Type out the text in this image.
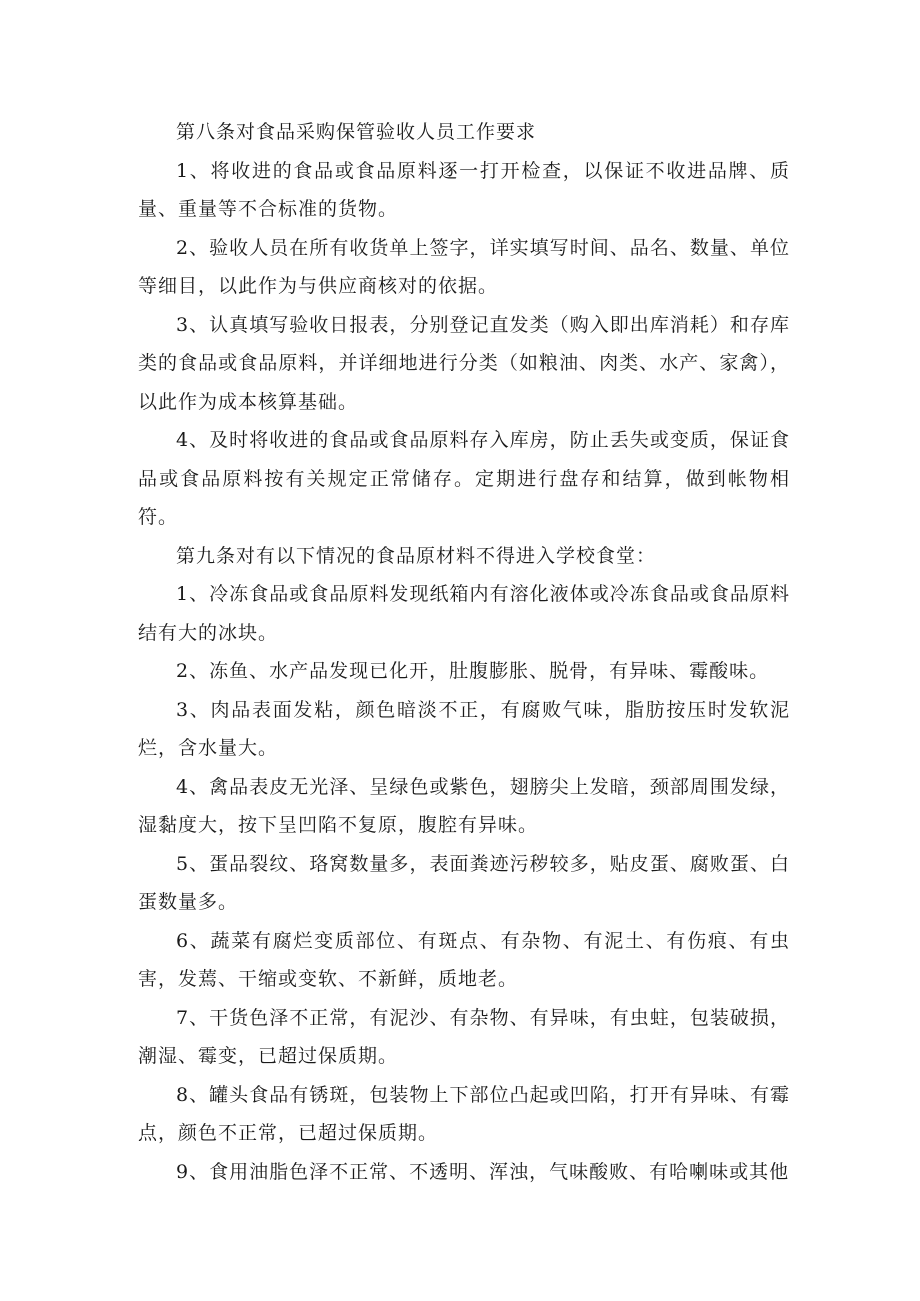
第八条对食品采购保管验收人员工作要求

1、将收进的食品或食品原料逐一打开检查，以保证不收进品牌、质量、重量等不合标准的货物。

2、验收人员在所有收货单上签字，详实填写时间、品名、数量、单位等细目，以此作为与供应商核对的依据。

3、认真填写验收日报表，分别登记直发类（购入即出库消耗）和存库类的食品或食品原料，并详细地进行分类（如粮油、肉类、水产、家禽），以此作为成本核算基础。

4、及时将收进的食品或食品原料存入库房，防止丢失或变质，保证食品或食品原料按有关规定正常储存。定期进行盘存和结算，做到帐物相符。

第九条对有以下情况的食品原材料不得进入学校食堂：

1、冷冻食品或食品原料发现纸箱内有溶化液体或冷冻食品或食品原料结有大的冰块。

2、冻鱼、水产品发现已化开，肚腹膨胀、脱骨，有异味、霉酸味。

3、肉品表面发粘，颜色暗淡不正，有腐败气味，脂肪按压时发软泥烂，含水量大。

4、禽品表皮无光泽、呈绿色或紫色，翅膀尖上发暗，颈部周围发绿，湿黏度大，按下呈凹陷不复原，腹腔有异味。

5、蛋品裂纹、珞窝数量多，表面粪迹污秽较多，贴皮蛋、腐败蛋、白蛋数量多。

6、蔬菜有腐烂变质部位、有斑点、有杂物、有泥土、有伤痕、有虫害，发蔫、干缩或变软、不新鲜，质地老。

7、干货色泽不正常，有泥沙、有杂物、有异味，有虫蛀，包装破损，潮湿、霉变，已超过保质期。

8、罐头食品有锈斑，包装物上下部位凸起或凹陷，打开有异味、有霉点，颜色不正常，已超过保质期。

9、食用油脂色泽不正常、不透明、浑浊，气味酸败、有哈喇味或其他
